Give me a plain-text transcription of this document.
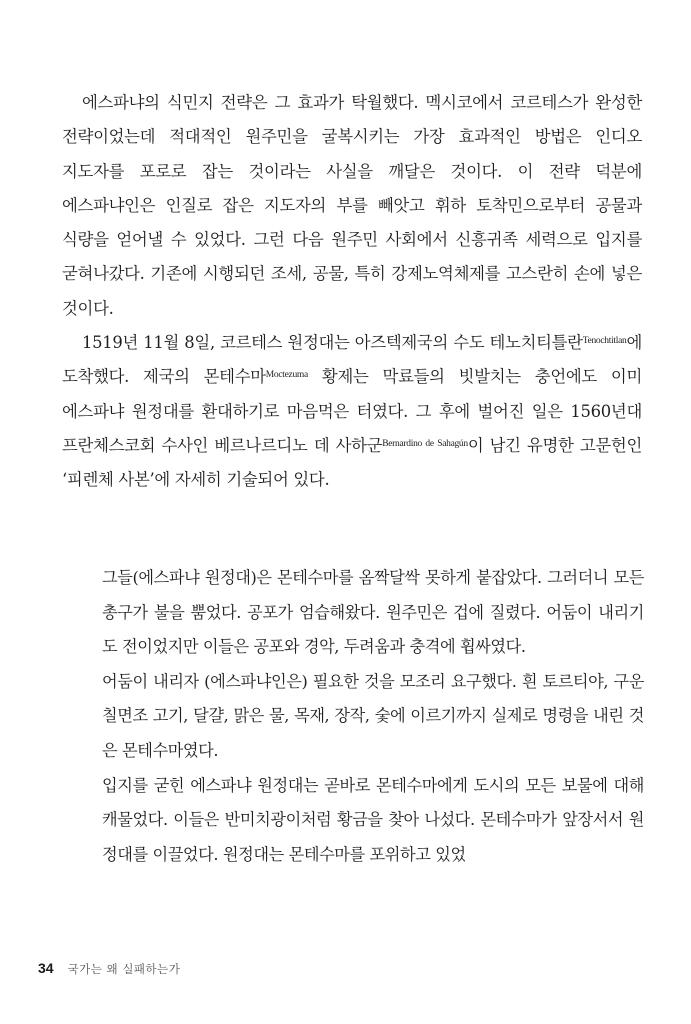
에스파냐의 식민지 전략은 그 효과가 탁월했다. 멕시코에서 코르테스가 완성한 전략이었는데 적대적인 원주민을 굴복시키는 가장 효과적인 방법은 인디오 지도자를 포로로 잡는 것이라는 사실을 깨달은 것이다. 이 전략 덕분에 에스파냐인은 인질로 잡은 지도자의 부를 빼앗고 휘하 토착민으로부터 공물과 식량을 얻어낼 수 있었다. 그런 다음 원주민 사회에서 신흥귀족 세력으로 입지를 굳혀나갔다. 기존에 시행되던 조세, 공물, 특히 강제노역체제를 고스란히 손에 넣은 것이다.

1519년 11월 8일, 코르테스 원정대는 아즈텍제국의 수도 테노치티틀란$^{Tenochtitlan}$에 도착했다. 제국의 몬테수마$^{Moctezuma}$ 황제는 막료들의 빗발치는 충언에도 이미 에스파냐 원정대를 환대하기로 마음먹은 터였다. 그 후에 벌어진 일은 1560년대 프란체스코회 수사인 베르나르디노 데 사하군$^{Bernardino de Sahagún}$이 남긴 유명한 고문헌인 ‘피렌체 사본’에 자세히 기술되어 있다.

그들(에스파냐 원정대)은 몬테수마를 옴짝달싹 못하게 붙잡았다. 그러더니 모든 총구가 불을 뿜었다. 공포가 엄습해왔다. 원주민은 겁에 질렸다. 어둠이 내리기도 전이었지만 이들은 공포와 경악, 두려움과 충격에 휩싸였다.

어둠이 내리자 (에스파냐인은) 필요한 것을 모조리 요구했다. 흰 토르티야, 구운 칠면조 고기, 달걀, 맑은 물, 목재, 장작, 숯에 이르기까지 실제로 명령을 내린 것은 몬테수마였다.

입지를 굳힌 에스파냐 원정대는 곧바로 몬테수마에게 도시의 모든 보물에 대해 캐물었다. 이들은 반미치광이처럼 황금을 찾아 나섰다. 몬테수마가 앞장서서 원정대를 이끌었다. 원정대는 몬테수마를 포위하고 있었

34 국가는 왜 실패하는가
